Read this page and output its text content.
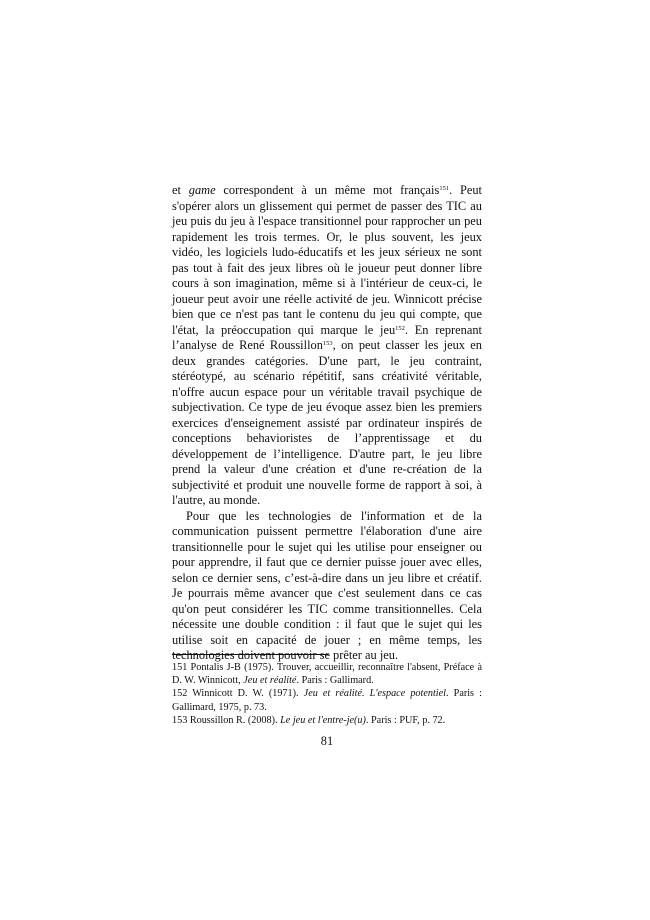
et game correspondent à un même mot français$^{151}$. Peut s'opérer alors un glissement qui permet de passer des TIC au jeu puis du jeu à l'espace transitionnel pour rapprocher un peu rapidement les trois termes. Or, le plus souvent, les jeux vidéo, les logiciels ludo-éducatifs et les jeux sérieux ne sont pas tout à fait des jeux libres où le joueur peut donner libre cours à son imagination, même si à l'intérieur de ceux-ci, le joueur peut avoir une réelle activité de jeu. Winnicott précise bien que ce n'est pas tant le contenu du jeu qui compte, que l'état, la préoccupation qui marque le jeu$^{152}$. En reprenant l’analyse de René Roussillon$^{153}$, on peut classer les jeux en deux grandes catégories. D'une part, le jeu contraint, stéréotypé, au scénario répétitif, sans créativité véritable, n'offre aucun espace pour un véritable travail psychique de subjectivation. Ce type de jeu évoque assez bien les premiers exercices d'enseignement assisté par ordinateur inspirés de conceptions behavioristes de l’apprentissage et du développement de l’intelligence. D'autre part, le jeu libre prend la valeur d'une création et d'une re-création de la subjectivité et produit une nouvelle forme de rapport à soi, à l'autre, au monde.

Pour que les technologies de l'information et de la communication puissent permettre l'élaboration d'une aire transitionnelle pour le sujet qui les utilise pour enseigner ou pour apprendre, il faut que ce dernier puisse jouer avec elles, selon ce dernier sens, c’est-à-dire dans un jeu libre et créatif. Je pourrais même avancer que c'est seulement dans ce cas qu'on peut considérer les TIC comme transitionnelles. Cela nécessite une double condition : il faut que le sujet qui les utilise soit en capacité de jouer ; en même temps, les technologies doivent pouvoir se prêter au jeu.

151 Pontalis J-B (1975). Trouver, accueillir, reconnaître l'absent, Préface à D. W. Winnicott, Jeu et réalité. Paris : Gallimard.

152 Winnicott D. W. (1971). Jeu et réalité. L'espace potentiel. Paris : Gallimard, 1975, p. 73.

153 Roussillon R. (2008). Le jeu et l'entre-je(u). Paris : PUF, p. 72.

81
